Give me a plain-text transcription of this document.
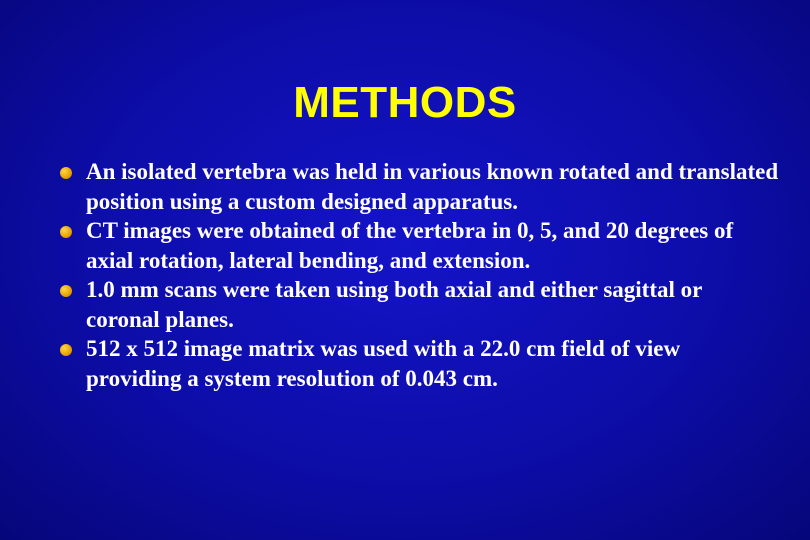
METHODS
An isolated vertebra was held in various known rotated and translated position using a custom designed apparatus.
CT images were obtained of the vertebra in 0, 5, and 20 degrees of axial rotation, lateral bending, and extension.
1.0 mm scans were taken using both axial and either sagittal or coronal planes.
512 x 512 image matrix was used with a 22.0 cm field of view providing a system resolution of 0.043 cm.
